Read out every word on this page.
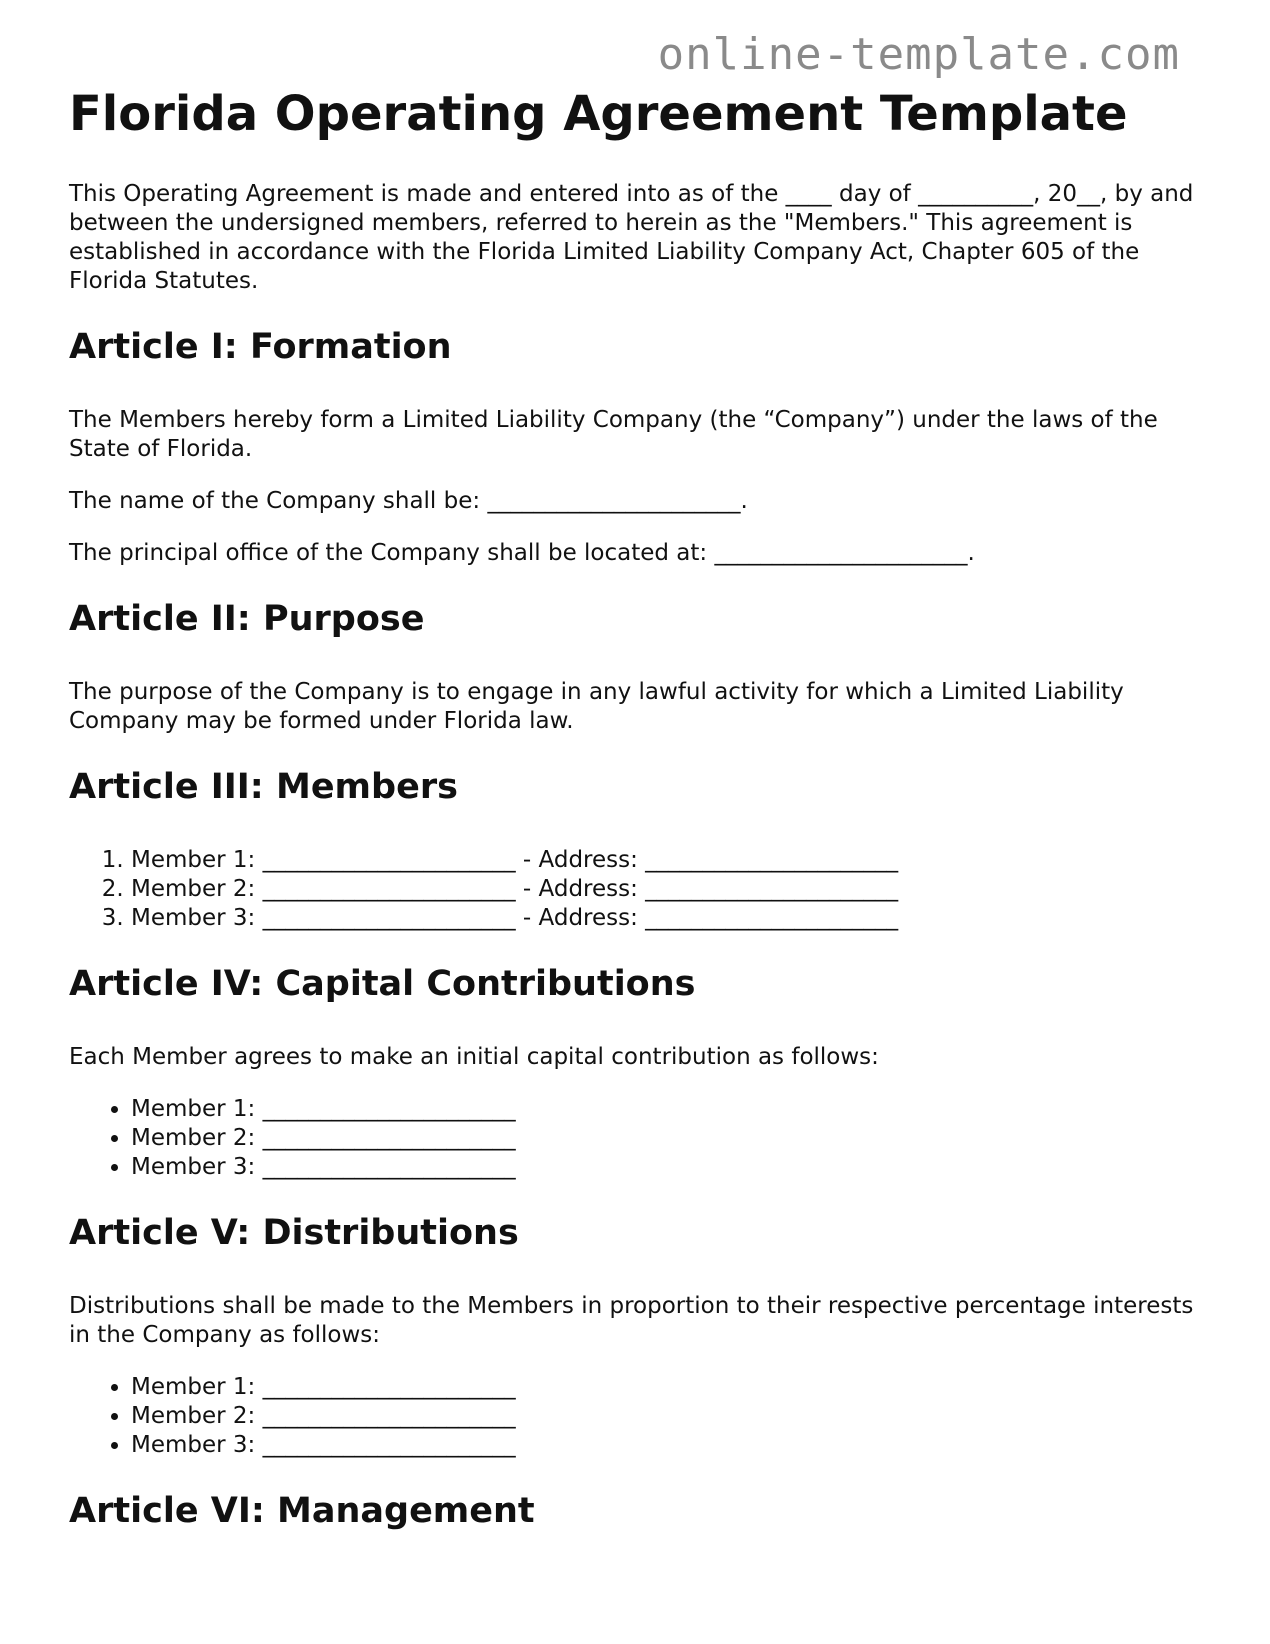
online-template.com

Florida Operating Agreement Template

This Operating Agreement is made and entered into as of the ____ day of __________, 20__, by and between the undersigned members, referred to herein as the "Members." This agreement is established in accordance with the Florida Limited Liability Company Act, Chapter 605 of the Florida Statutes.

Article I: Formation

The Members hereby form a Limited Liability Company (the “Company”) under the laws of the State of Florida.

The name of the Company shall be: ______________________.

The principal office of the Company shall be located at: ______________________.

Article II: Purpose

The purpose of the Company is to engage in any lawful activity for which a Limited Liability Company may be formed under Florida law.

Article III: Members
1. Member 1: ______________________ - Address: ______________________
2. Member 2: ______________________ - Address: ______________________
3. Member 3: ______________________ - Address: ______________________
Article IV: Capital Contributions

Each Member agrees to make an initial capital contribution as follows:

• Member 1: ______________________
• Member 2: ______________________
• Member 3: ______________________
Article V: Distributions

Distributions shall be made to the Members in proportion to their respective percentage interests in the Company as follows:

• Member 1: ______________________
• Member 2: ______________________
• Member 3: ______________________
Article VI: Management
